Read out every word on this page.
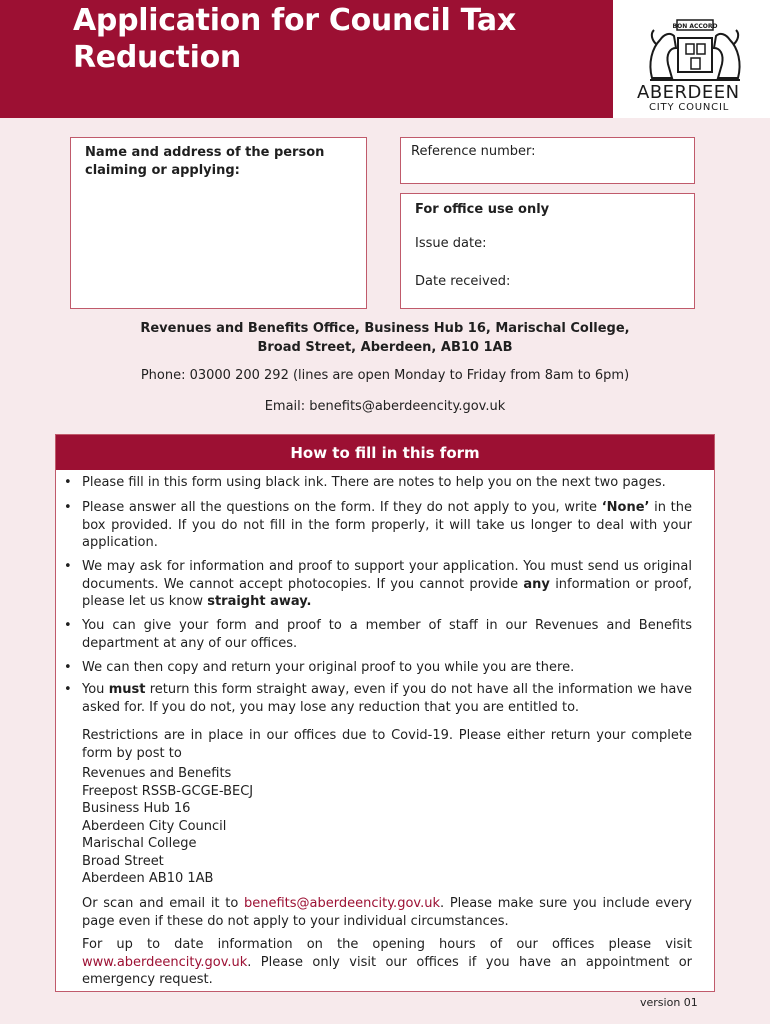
Application for Council Tax
Reduction
BON ACCORD
ABERDEEN
CITY COUNCIL
Name and address of the person
claiming or applying:
Reference number:
For office use only
Issue date:
Date received:
Revenues and Benefits Office, Business Hub 16, Marischal College,
Broad Street, Aberdeen, AB10 1AB
Phone: 03000 200 292 (lines are open Monday to Friday from 8am to 6pm)
Email: benefits@aberdeencity.gov.uk
How to fill in this form
• Please fill in this form using black ink. There are notes to help you on the next two pages.
• Please answer all the questions on the form. If they do not apply to you, write ‘None’ in the box provided. If you do not fill in the form properly, it will take us longer to deal with your application.
• We may ask for information and proof to support your application. You must send us original documents. We cannot accept photocopies. If you cannot provide any information or proof, please let us know straight away.
• You can give your form and proof to a member of staff in our Revenues and Benefits department at any of our offices.
• We can then copy and return your original proof to you while you are there.
• You must return this form straight away, even if you do not have all the information we have asked for. If you do not, you may lose any reduction that you are entitled to.
Restrictions are in place in our offices due to Covid-19. Please either return your complete form by post to
Revenues and Benefits
Freepost RSSB-GCGE-BECJ
Business Hub 16
Aberdeen City Council
Marischal College
Broad Street
Aberdeen AB10 1AB
Or scan and email it to benefits@aberdeencity.gov.uk. Please make sure you include every page even if these do not apply to your individual circumstances.
For up to date information on the opening hours of our offices please visit www.aberdeencity.gov.uk. Please only visit our offices if you have an appointment or emergency request.
version 01
